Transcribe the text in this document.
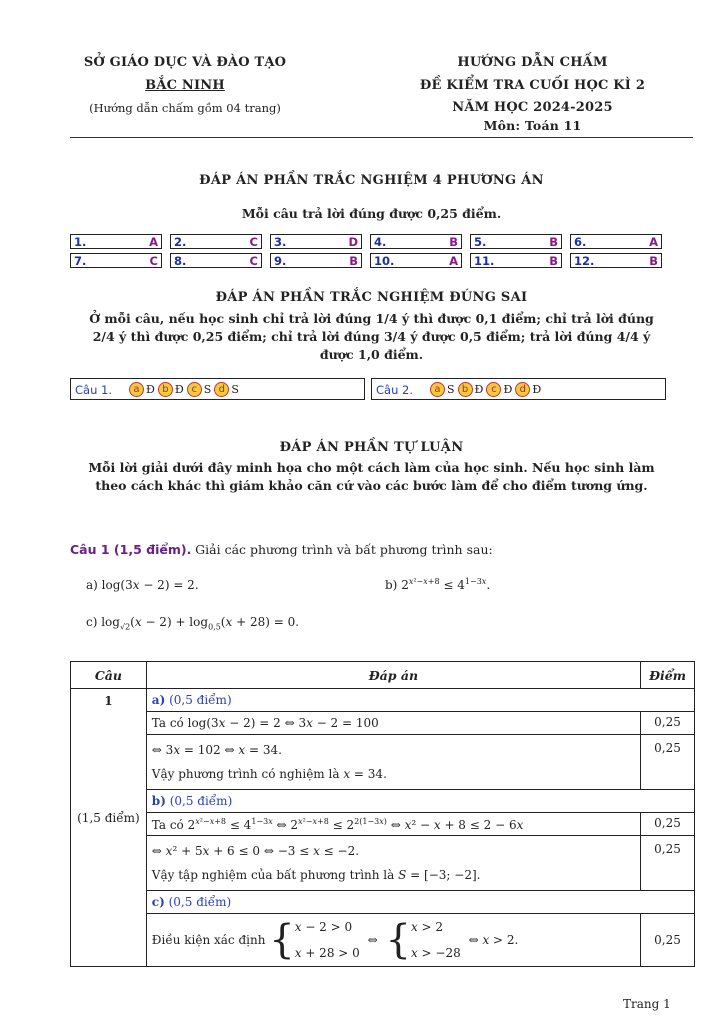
SỞ GIÁO DỤC VÀ ĐÀO TẠO
BẮC NINH
(Hướng dẫn chấm gồm 04 trang)
HƯỚNG DẪN CHẤM
ĐỀ KIỂM TRA CUỐI HỌC KÌ 2
NĂM HỌC 2024-2025
Môn: Toán 11
ĐÁP ÁN PHẦN TRẮC NGHIỆM 4 PHƯƠNG ÁN
Mỗi câu trả lời đúng được 0,25 điểm.
1.	A 2.	C 3.	D 4.	B 5.	B 6.	A
7.	C 8.	C 9.	B 10.	A 11.	B 12.	B
ĐÁP ÁN PHẦN TRẮC NGHIỆM ĐÚNG SAI
Ở mỗi câu, nếu học sinh chỉ trả lời đúng 1/4 ý thì được 0,1 điểm; chỉ trả lời đúng
2/4 ý thì được 0,25 điểm; chỉ trả lời đúng 3/4 ý được 0,5 điểm; trả lời đúng 4/4 ý
được 1,0 điểm.
Câu 1.	a Đ b Đ c S d S	Câu 2.	a S b Đ c Đ d Đ
ĐÁP ÁN PHẦN TỰ LUẬN
Mỗi lời giải dưới đây minh họa cho một cách làm của học sinh. Nếu học sinh làm
theo cách khác thì giám khảo căn cứ vào các bước làm để cho điểm tương ứng.
Câu 1 (1,5 điểm). Giải các phương trình và bất phương trình sau:
a) log(3x − 2) = 2.	b) $2^{x^2-x+8} \le 4^{1-3x}$.
c) $\log_{√2}(x - 2) + \log_{0,5}(x + 28) = 0$.
Câu	Đáp án	Điểm

1
(1,5 điểm)	a) (0,5 điểm)	
	Ta có log(3x − 2) = 2 ⇔ 3x − 2 = 100	0,25
	⇔ 3x = 102 ⇔ x = 34.
Vậy phương trình có nghiệm là x = 34.	0,25
	b) (0,5 điểm)	
	Ta có $2^{x^2-x+8} \le 4^{1-3x}$ ⇔ $2^{x^2-x+8} \le 2^{2(1-3x)}$ ⇔ x² − x + 8 ≤ 2 − 6x	0,25
	⇔ x² + 5x + 6 ≤ 0 ⇔ −3 ≤ x ≤ −2.
Vậy tập nghiệm của bất phương trình là S = [−3; −2].	0,25
	c) (0,5 điểm)	
	Điều kiện xác định {x − 2 > 0
x + 28 > 0 ⇔ {x > 2
x > −28 ⇔ x > 2.	0,25
Trang 1
